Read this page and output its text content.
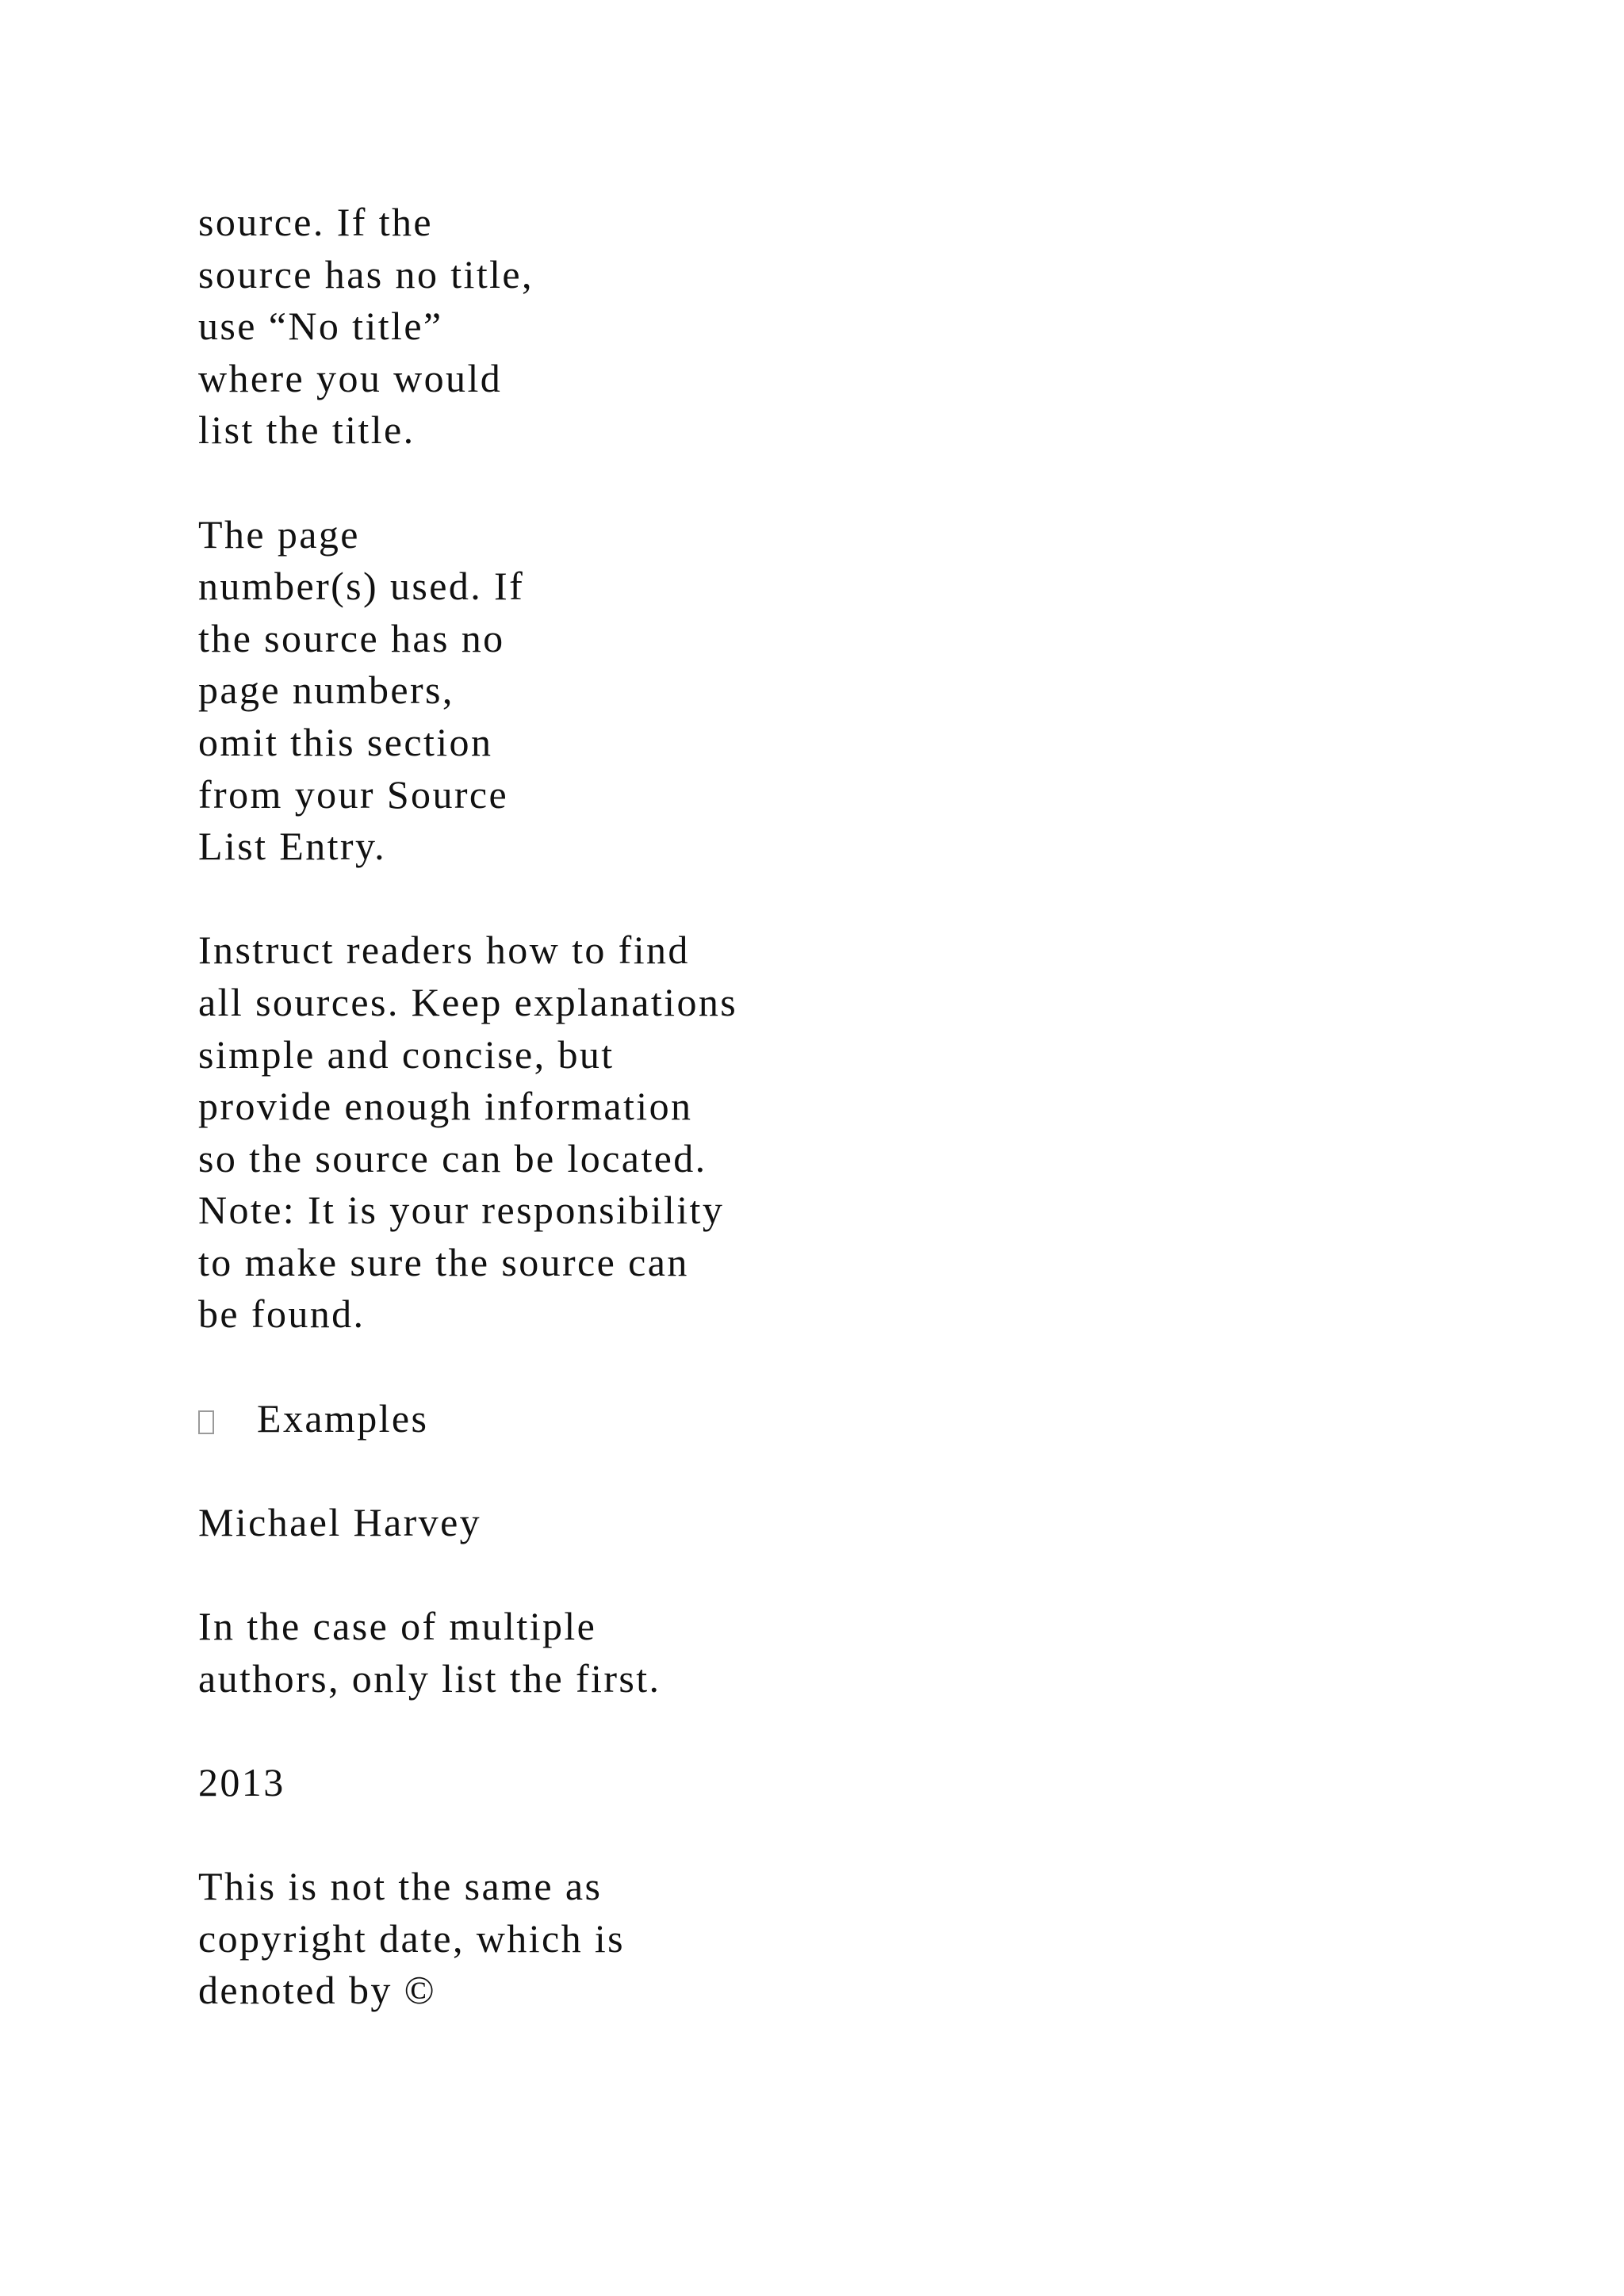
source. If the
source has no title,
use “No title”
where you would
list the title.

The page
number(s) used. If
the source has no
page numbers,
omit this section
from your Source
List Entry.

Instruct readers how to find
all sources. Keep explanations
simple and concise, but
provide enough information
so the source can be located.
Note: It is your responsibility
to make sure the source can
be found.

Examples

Michael Harvey

In the case of multiple
authors, only list the first.

2013

This is not the same as
copyright date, which is
denoted by ©
